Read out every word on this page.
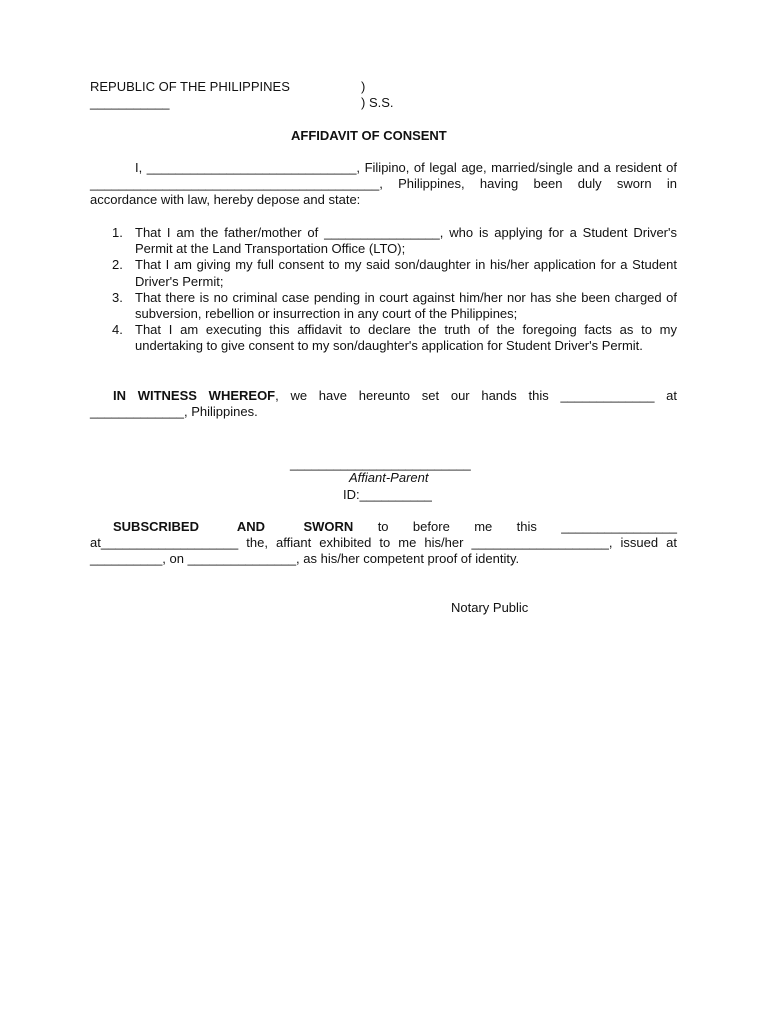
REPUBLIC OF THE PHILIPPINES
___________
)
) S.S.
AFFIDAVIT OF CONSENT

I, _____________________________, Filipino, of legal age, married/single and a resident of ________________________________________, Philippines, having been duly sworn in accordance with law, hereby depose and state:

1. That I am the father/mother of ________________, who is applying for a Student Driver's Permit at the Land Transportation Office (LTO);
2. That I am giving my full consent to my said son/daughter in his/her application for a Student Driver's Permit;
3. That there is no criminal case pending in court against him/her nor has she been charged of subversion, rebellion or insurrection in any court of the Philippines;
4. That I am executing this affidavit to declare the truth of the foregoing facts as to my undertaking to give consent to my son/daughter's application for Student Driver's Permit.

IN WITNESS WHEREOF, we have hereunto set our hands this _____________ at _____________, Philippines.

_________________________
Affiant-Parent
ID:__________

SUBSCRIBED AND SWORN to before me this ________________ at___________________ the, affiant exhibited to me his/her ___________________, issued at __________, on _______________, as his/her competent proof of identity.

Notary Public
